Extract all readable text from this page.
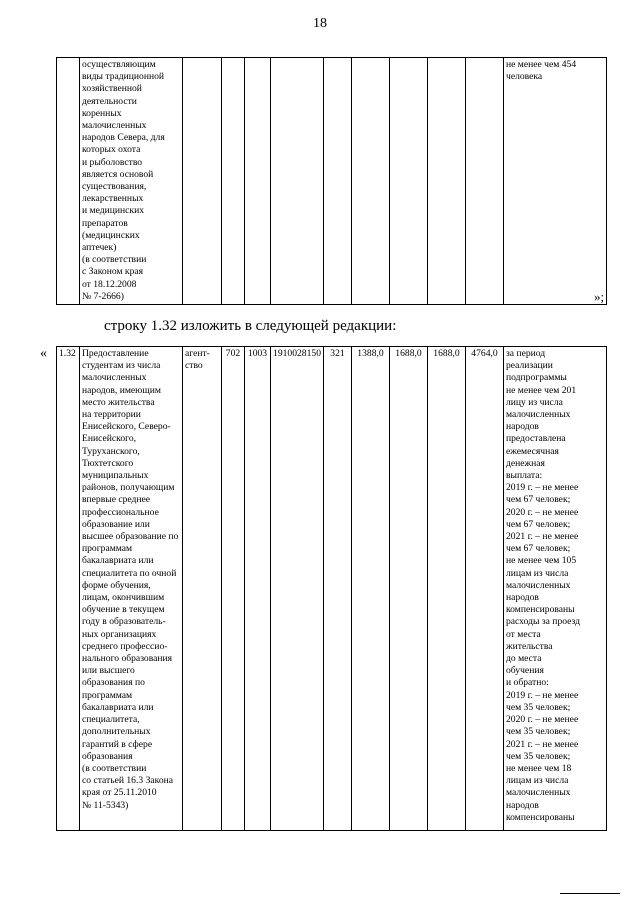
18
	осуществляющим
виды традиционной
хозяйственной
деятельности
коренных
малочисленных
народов Севера, для
которых охота
и рыболовство
является основой
существования,
лекарственных
и медицинских
препаратов
(медицинских
аптечек)
(в соответствии
с Законом края
от 18.12.2008
№ 7-2666)										не менее чем 454
человека
»;
строку 1.32 изложить в следующей редакции:
« 1.32	Предоставление
студентам из числа
малочисленных
народов, имеющим
место жительства
на территории
Енисейского, Северо-
Енисейского,
Туруханского,
Тюхтетского
муниципальных
районов, получающим
впервые среднее
профессиональное
образование или
высшее образование по
программам
бакалавриата или
специалитета по очной
форме обучения,
лицам, окончившим
обучение в текущем
году в образователь-
ных организациях
среднего профессио-
нального образования
или высшего
образования по
программам
бакалавриата или
специалитета,
дополнительных
гарантий в сфере
образования
(в соответствии
со статьей 16.3 Закона
края от 25.11.2010
№ 11-5343)	агент-
ство	702	1003	1910028150	321	1388,0	1688,0	1688,0	4764,0	за период
реализации
подпрограммы
не менее чем 201
лицу из числа
малочисленных
народов
предоставлена
ежемесячная
денежная
выплата:
2019 г. – не менее
чем 67 человек;
2020 г. – не менее
чем 67 человек;
2021 г. – не менее
чем 67 человек;
не менее чем 105
лицам из числа
малочисленных
народов
компенсированы
расходы за проезд
от места
жительства
до места
обучения
и обратно:
2019 г. – не менее
чем 35 человек;
2020 г. – не менее
чем 35 человек;
2021 г. – не менее
чем 35 человек;
не менее чем 18
лицам из числа
малочисленных
народов
компенсированы
